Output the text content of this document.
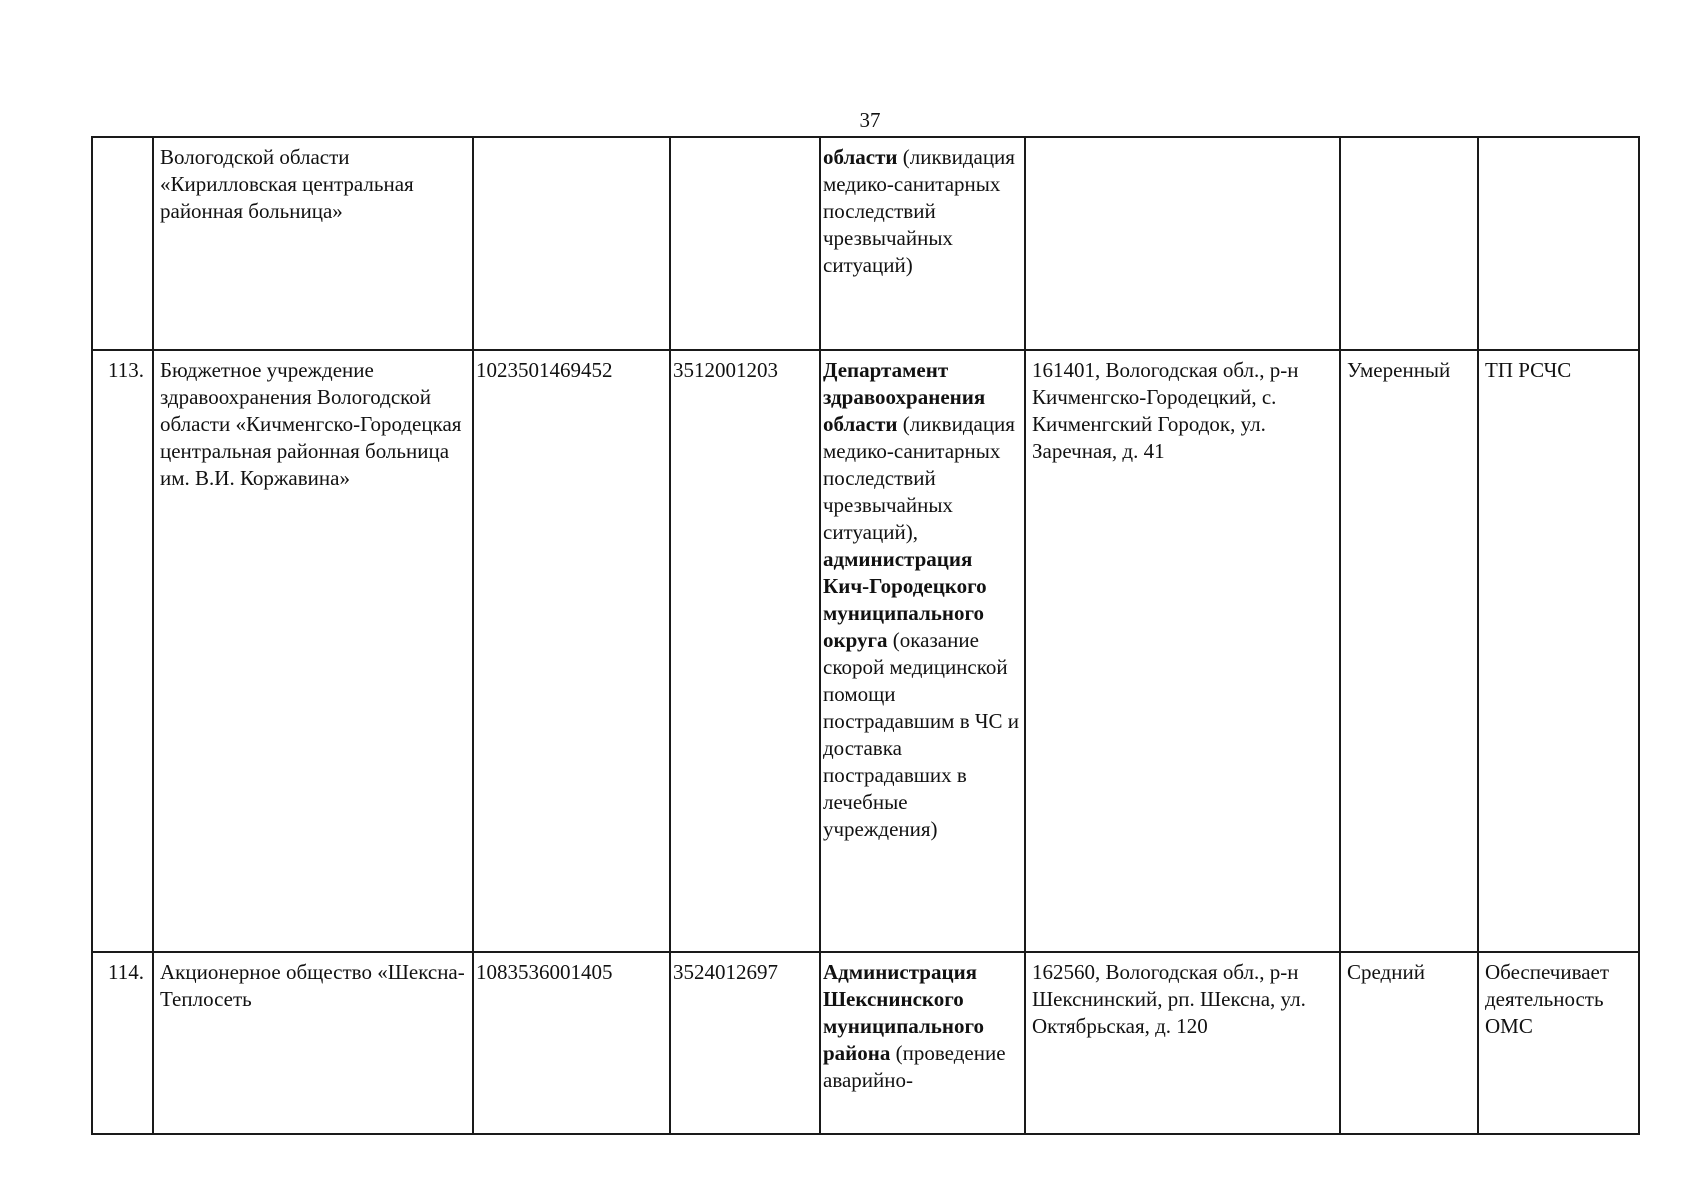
37
	Вологодской области «Кирилловская центральная районная больница»			области (ликвидация медико-санитарных последствий чрезвычайных ситуаций)			
113.	Бюджетное учреждение здравоохранения Вологодской области «Кичменгско-Городецкая центральная районная больница им. В.И. Коржавина»	1023501469452	3512001203	Департамент здравоохранения области (ликвидация медико-санитарных последствий чрезвычайных ситуаций), администрация Кич-Городецкого муниципального округа (оказание скорой медицинской помощи пострадавшим в ЧС и доставка пострадавших в лечебные учреждения)	161401, Вологодская обл., р-н Кичменгско-Городецкий, с. Кичменгский Городок, ул. Заречная, д. 41	Умеренный	ТП РСЧС
114.	Акционерное общество «Шексна-Теплосеть	1083536001405	3524012697	Администрация Шекснинского муниципального района (проведение аварийно-	162560, Вологодская обл., р-н Шекснинский, рп. Шексна, ул. Октябрьская, д. 120	Средний	Обеспечивает деятельность ОМС
